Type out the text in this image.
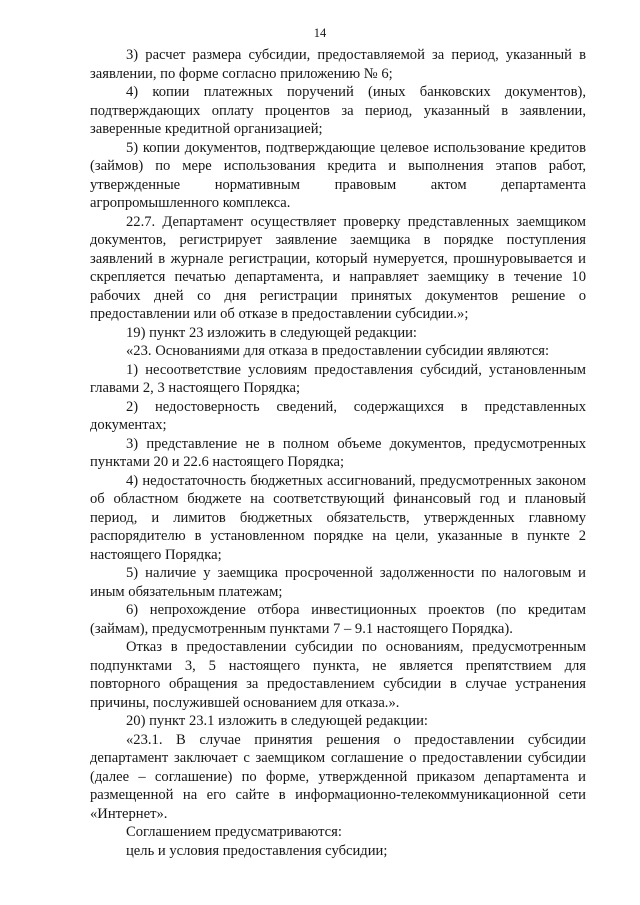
14

3) расчет размера субсидии, предоставляемой за период, указанный в заявлении, по форме согласно приложению № 6;

4) копии платежных поручений (иных банковских документов), подтверждающих оплату процентов за период, указанный в заявлении, заверенные кредитной организацией;

5) копии документов, подтверждающие целевое использование кредитов (займов) по мере использования кредита и выполнения этапов работ, утвержденные нормативным правовым актом департамента агропромышленного комплекса.

22.7. Департамент осуществляет проверку представленных заемщиком документов, регистрирует заявление заемщика в порядке поступления заявлений в журнале регистрации, который нумеруется, прошнуровывается и скрепляется печатью департамента, и направляет заемщику в течение 10 рабочих дней со дня регистрации принятых документов решение о предоставлении или об отказе в предоставлении субсидии.»;

19) пункт 23 изложить в следующей редакции:

«23. Основаниями для отказа в предоставлении субсидии являются:

1) несоответствие условиям предоставления субсидий, установленным главами 2, 3 настоящего Порядка;

2) недостоверность сведений, содержащихся в представленных документах;

3) представление не в полном объеме документов, предусмотренных пунктами 20 и 22.6 настоящего Порядка;

4) недостаточность бюджетных ассигнований, предусмотренных законом об областном бюджете на соответствующий финансовый год и плановый период, и лимитов бюджетных обязательств, утвержденных главному распорядителю в установленном порядке на цели, указанные в пункте 2 настоящего Порядка;

5) наличие у заемщика просроченной задолженности по налоговым и иным обязательным платежам;

6) непрохождение отбора инвестиционных проектов (по кредитам (займам), предусмотренным пунктами 7 – 9.1 настоящего Порядка).

Отказ в предоставлении субсидии по основаниям, предусмотренным подпунктами 3, 5 настоящего пункта, не является препятствием для повторного обращения за предоставлением субсидии в случае устранения причины, послужившей основанием для отказа.».

20) пункт 23.1 изложить в следующей редакции:

«23.1. В случае принятия решения о предоставлении субсидии департамент заключает с заемщиком соглашение о предоставлении субсидии (далее – соглашение) по форме, утвержденной приказом департамента и размещенной на его сайте в информационно-телекоммуникационной сети «Интернет».

Соглашением предусматриваются:

цель и условия предоставления субсидии;
